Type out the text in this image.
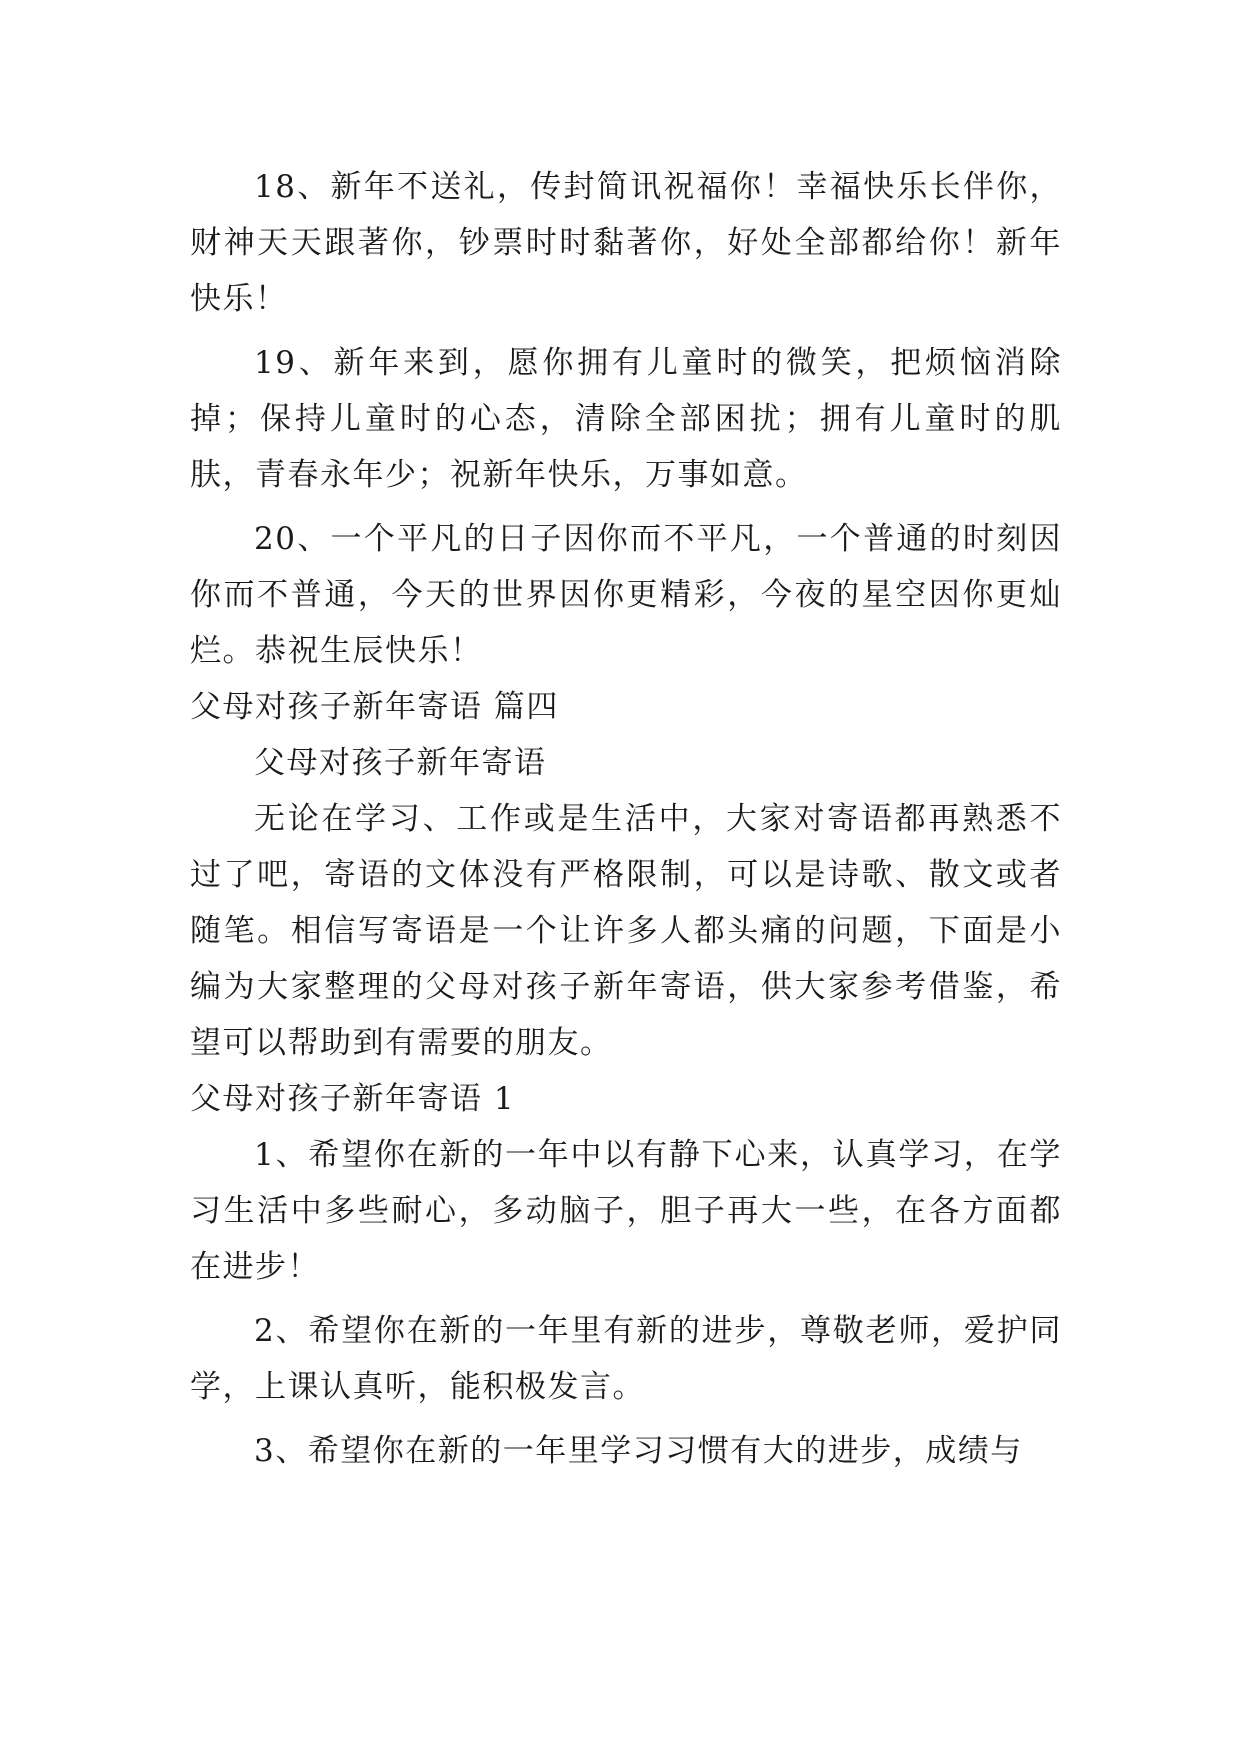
18、新年不送礼，传封简讯祝福你！幸福快乐长伴你，财神天天跟著你，钞票时时黏著你，好处全部都给你！新年快乐！

19、新年来到，愿你拥有儿童时的微笑，把烦恼消除掉；保持儿童时的心态，清除全部困扰；拥有儿童时的肌肤，青春永年少；祝新年快乐，万事如意。

20、一个平凡的日子因你而不平凡，一个普通的时刻因你而不普通，今天的世界因你更精彩，今夜的星空因你更灿烂。恭祝生辰快乐！

父母对孩子新年寄语 篇四

父母对孩子新年寄语

无论在学习、工作或是生活中，大家对寄语都再熟悉不过了吧，寄语的文体没有严格限制，可以是诗歌、散文或者随笔。相信写寄语是一个让许多人都头痛的问题，下面是小编为大家整理的父母对孩子新年寄语，供大家参考借鉴，希望可以帮助到有需要的朋友。

父母对孩子新年寄语 1

1、希望你在新的一年中以有静下心来，认真学习，在学习生活中多些耐心，多动脑子，胆子再大一些，在各方面都在进步！

2、希望你在新的一年里有新的进步，尊敬老师，爱护同学，上课认真听，能积极发言。

3、希望你在新的一年里学习习惯有大的进步，成绩与
